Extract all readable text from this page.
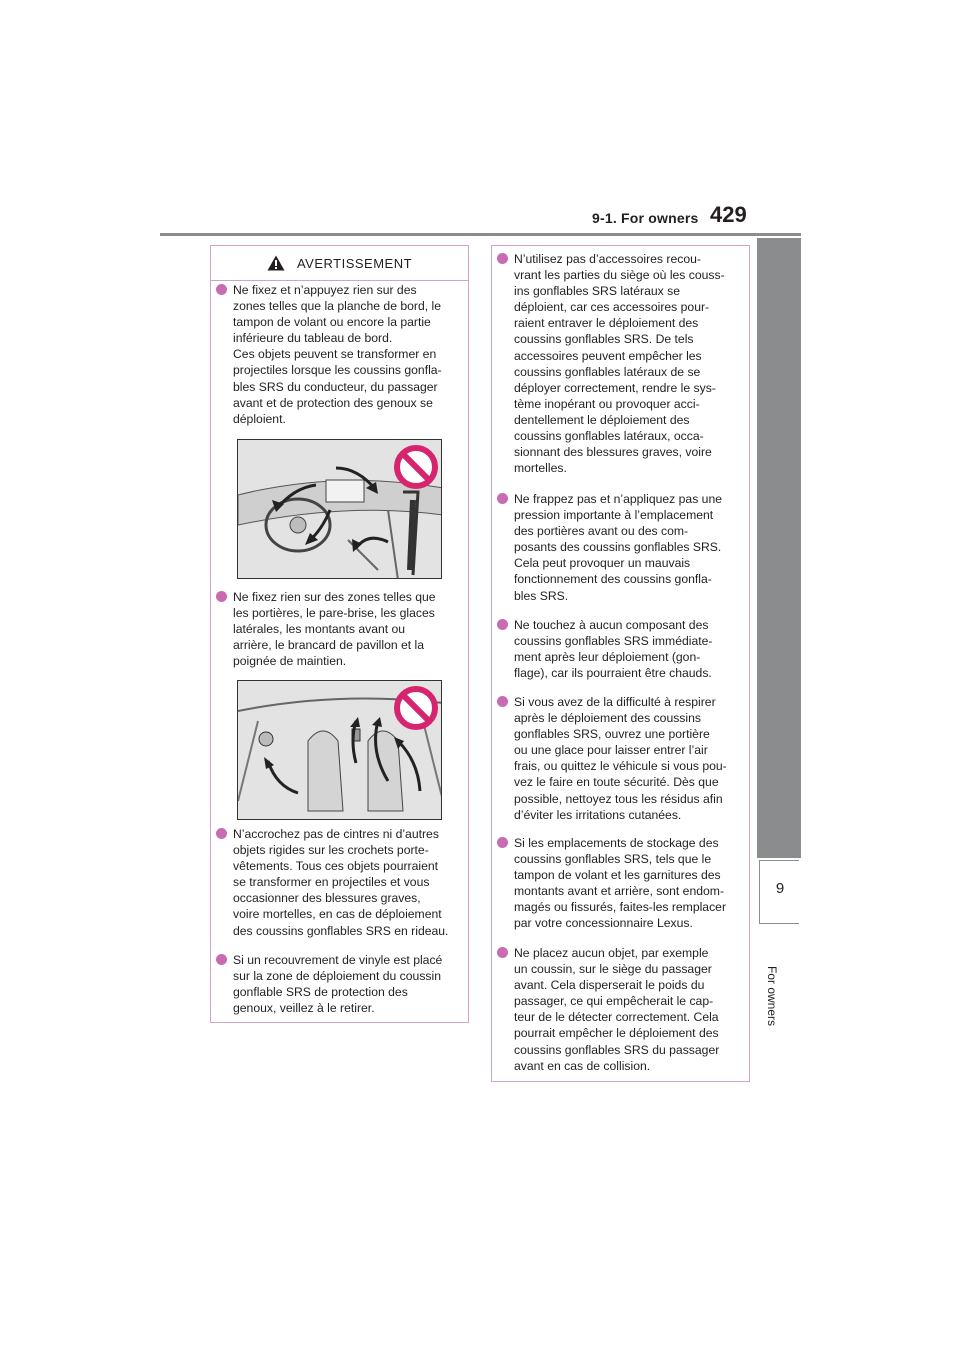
9-1. For owners 429
9
For owners
AVERTISSEMENT
Ne fixez et n’appuyez rien sur des
zones telles que la planche de bord, le
tampon de volant ou encore la partie
inférieure du tableau de bord.
Ces objets peuvent se transformer en
projectiles lorsque les coussins gonfla-
bles SRS du conducteur, du passager
avant et de protection des genoux se
déploient.
Ne fixez rien sur des zones telles que
les portières, le pare-brise, les glaces
latérales, les montants avant ou
arrière, le brancard de pavillon et la
poignée de maintien.
N’accrochez pas de cintres ni d’autres
objets rigides sur les crochets porte-
vêtements. Tous ces objets pourraient
se transformer en projectiles et vous
occasionner des blessures graves,
voire mortelles, en cas de déploiement
des coussins gonflables SRS en rideau.
Si un recouvrement de vinyle est placé
sur la zone de déploiement du coussin
gonflable SRS de protection des
genoux, veillez à le retirer.
N’utilisez pas d’accessoires recou-
vrant les parties du siège où les couss-
ins gonflables SRS latéraux se
déploient, car ces accessoires pour-
raient entraver le déploiement des
coussins gonflables SRS. De tels
accessoires peuvent empêcher les
coussins gonflables latéraux de se
déployer correctement, rendre le sys-
tème inopérant ou provoquer acci-
dentellement le déploiement des
coussins gonflables latéraux, occa-
sionnant des blessures graves, voire
mortelles.
Ne frappez pas et n’appliquez pas une
pression importante à l’emplacement
des portières avant ou des com-
posants des coussins gonflables SRS.
Cela peut provoquer un mauvais
fonctionnement des coussins gonfla-
bles SRS.
Ne touchez à aucun composant des
coussins gonflables SRS immédiate-
ment après leur déploiement (gon-
flage), car ils pourraient être chauds.
Si vous avez de la difficulté à respirer
après le déploiement des coussins
gonflables SRS, ouvrez une portière
ou une glace pour laisser entrer l’air
frais, ou quittez le véhicule si vous pou-
vez le faire en toute sécurité. Dès que
possible, nettoyez tous les résidus afin
d’éviter les irritations cutanées.
Si les emplacements de stockage des
coussins gonflables SRS, tels que le
tampon de volant et les garnitures des
montants avant et arrière, sont endom-
magés ou fissurés, faites-les remplacer
par votre concessionnaire Lexus.
Ne placez aucun objet, par exemple
un coussin, sur le siège du passager
avant. Cela disperserait le poids du
passager, ce qui empêcherait le cap-
teur de le détecter correctement. Cela
pourrait empêcher le déploiement des
coussins gonflables SRS du passager
avant en cas de collision.
